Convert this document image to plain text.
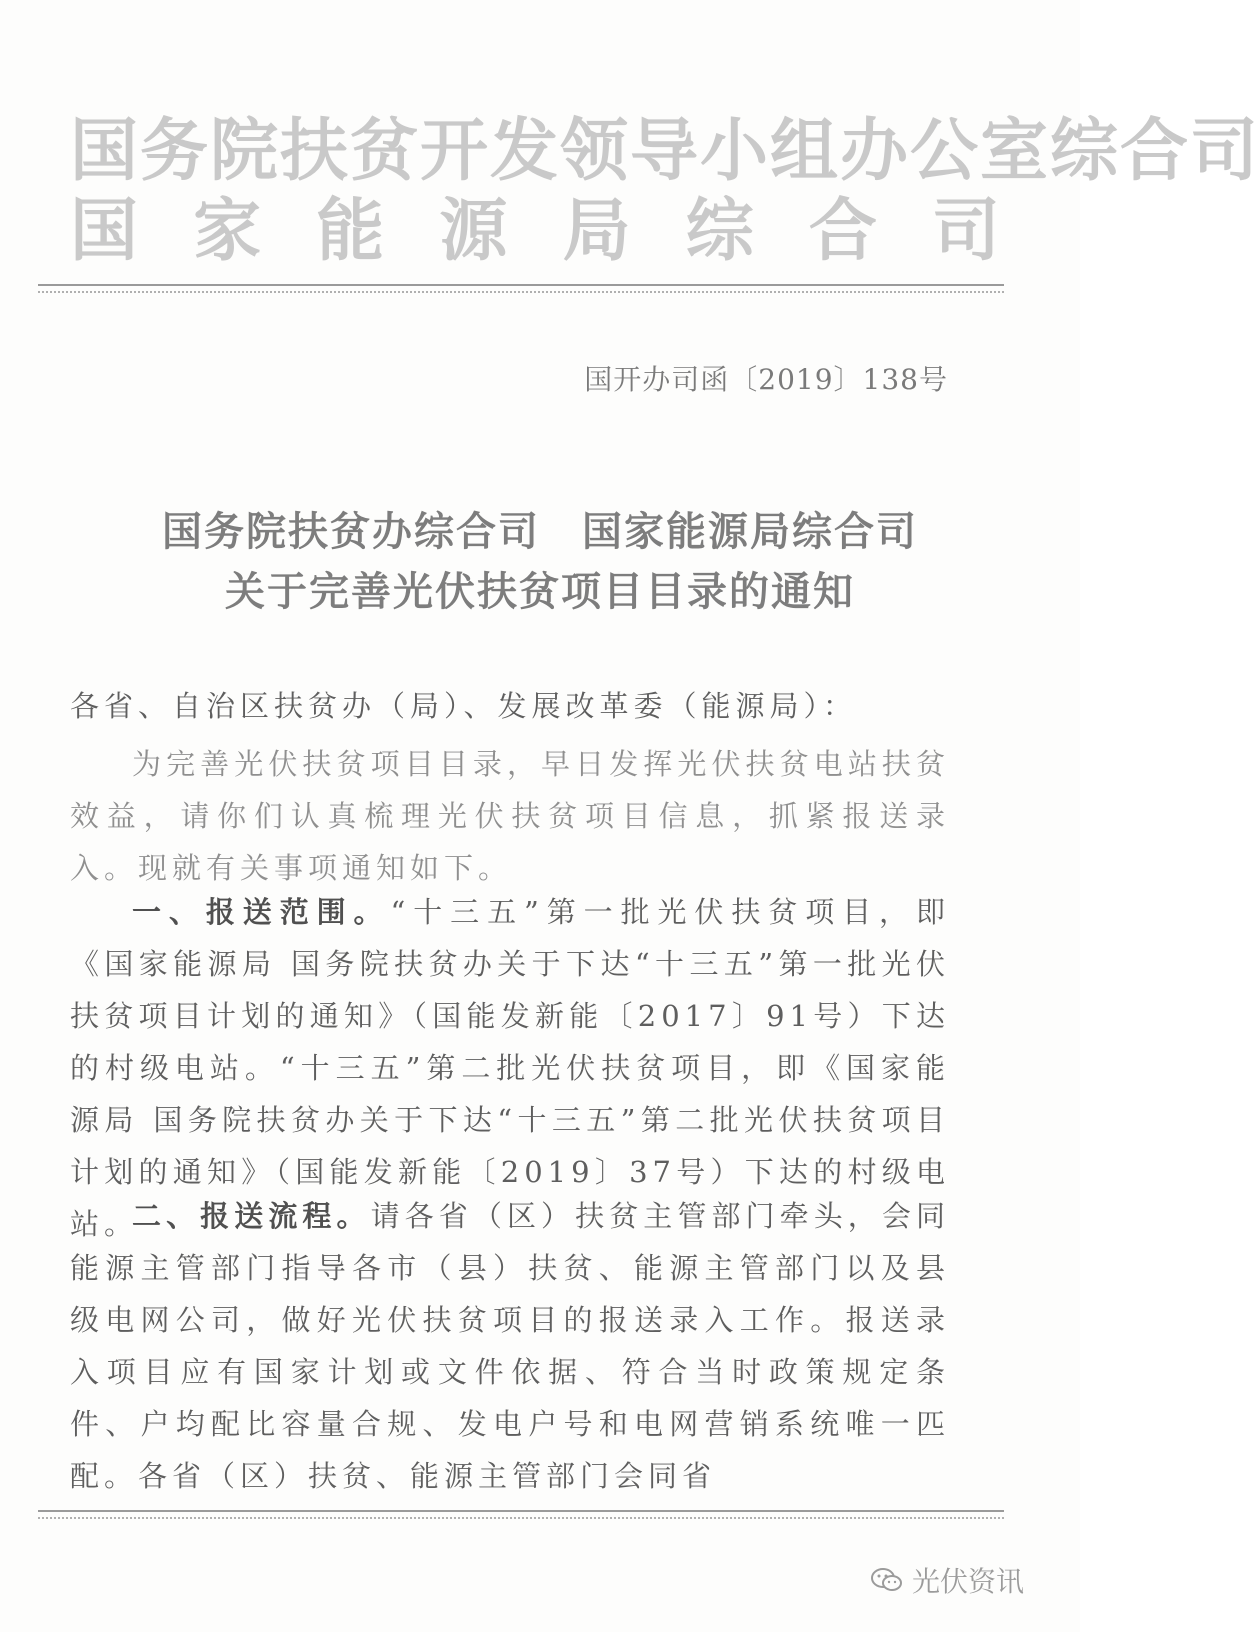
国务院扶贫开发领导小组办公室综合司
国家能源局综合司
国开办司函〔2019〕138号
国务院扶贫办综合司　国家能源局综合司
关于完善光伏扶贫项目目录的通知
各省、自治区扶贫办（局）、发展改革委（能源局）：
为完善光伏扶贫项目目录，早日发挥光伏扶贫电站扶贫效益，请你们认真梳理光伏扶贫项目信息，抓紧报送录入。现就有关事项通知如下。
一、报送范围。“十三五”第一批光伏扶贫项目，即《国家能源局 国务院扶贫办关于下达“十三五”第一批光伏扶贫项目计划的通知》（国能发新能〔2017〕91号）下达的村级电站。“十三五”第二批光伏扶贫项目，即《国家能源局 国务院扶贫办关于下达“十三五”第二批光伏扶贫项目计划的通知》（国能发新能〔2019〕37号）下达的村级电站。
二、报送流程。请各省（区）扶贫主管部门牵头，会同能源主管部门指导各市（县）扶贫、能源主管部门以及县级电网公司，做好光伏扶贫项目的报送录入工作。报送录入项目应有国家计划或文件依据、符合当时政策规定条件、户均配比容量合规、发电户号和电网营销系统唯一匹配。各省（区）扶贫、能源主管部门会同省
光伏资讯
